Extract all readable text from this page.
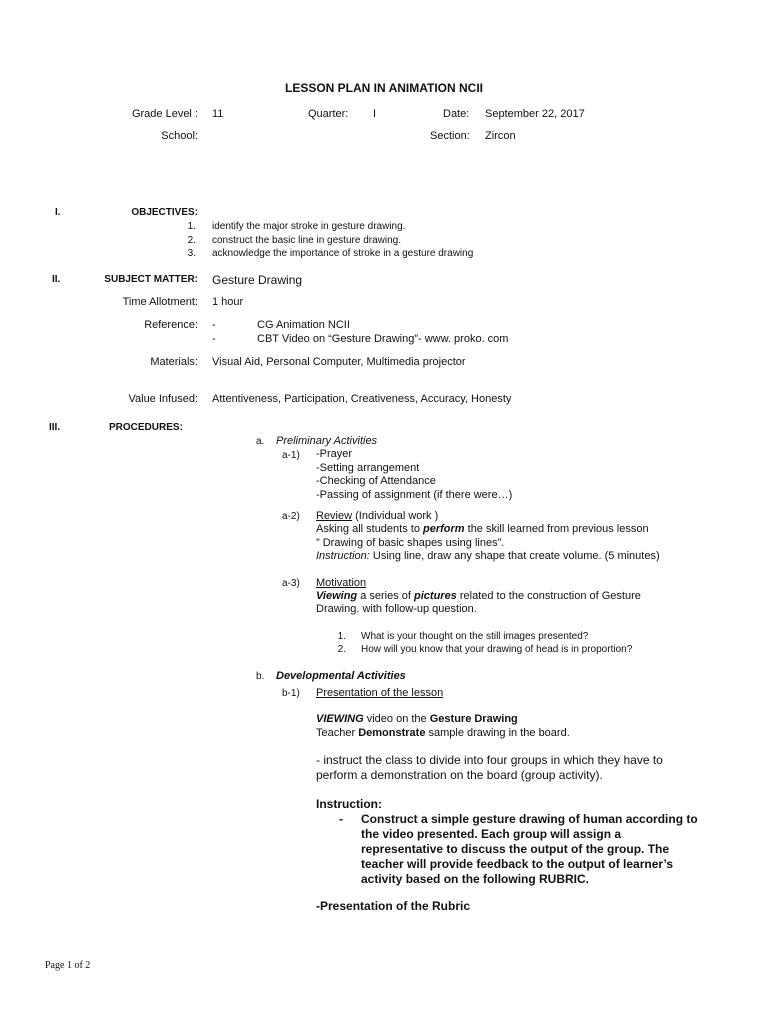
LESSON PLAN IN ANIMATION NCII
Grade Level : 11	Quarter: I	Date: September 22, 2017
School:	Section: Zircon
I.	OBJECTIVES:
1. identify the major stroke in gesture drawing.
2. construct the basic line in gesture drawing.
3. acknowledge the importance of stroke in a gesture drawing
II.	SUBJECT MATTER: Gesture Drawing
Time Allotment: 1 hour
Reference: -	CG Animation NCII
-	CBT Video on “Gesture Drawing”- www. proko. com
Materials: Visual Aid, Personal Computer, Multimedia projector
Value Infused: Attentiveness, Participation, Creativeness, Accuracy, Honesty
III.	PROCEDURES:
a. Preliminary Activities
a-1) -Prayer
-Setting arrangement
-Checking of Attendance
-Passing of assignment (if there were…)
a-2) Review (Individual work )
Asking all students to perform the skill learned from previous lesson
” Drawing of basic shapes using lines”.
Instruction: Using line, draw any shape that create volume. (5 minutes)
a-3) Motivation
Viewing a series of pictures related to the construction of Gesture
Drawing. with follow-up question.
1. What is your thought on the still images presented?
2. How will you know that your drawing of head is in proportion?
b. Developmental Activities
b-1) Presentation of the lesson
VIEWING video on the Gesture Drawing
Teacher Demonstrate sample drawing in the board.
- instruct the class to divide into four groups in which they have to
perform a demonstration on the board (group activity).
Instruction:
- Construct a simple gesture drawing of human according to
the video presented. Each group will assign a
representative to discuss the output of the group. The
teacher will provide feedback to the output of learner’s
activity based on the following RUBRIC.
-Presentation of the Rubric
Page 1 of 2
